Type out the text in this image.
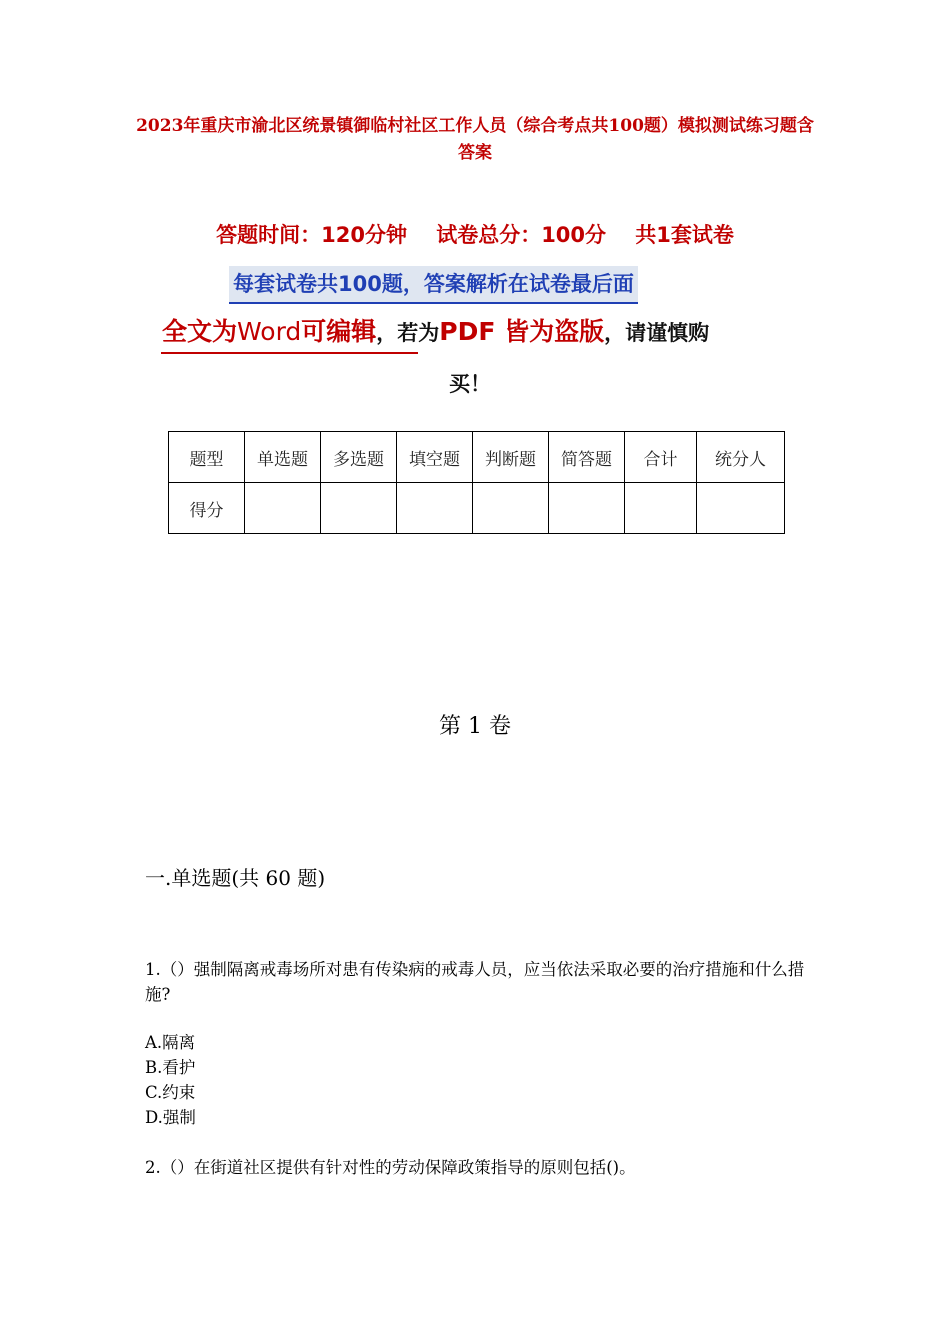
2023年重庆市渝北区统景镇御临村社区工作人员（综合考点共100题）模拟测试练习题含答案
答题时间：120分钟    试卷总分：100分    共1套试卷
每套试卷共100题，答案解析在试卷最后面
全文为Word可编辑，若为PDF 皆为盗版，请谨慎购
买！
题型	单选题	多选题	填空题	判断题	简答题	合计	统分人
得分							
第 1 卷
一.单选题(共 60 题)
1.（）强制隔离戒毒场所对患有传染病的戒毒人员，应当依法采取必要的治疗措施和什么措施?
A.隔离
B.看护
C.约束
D.强制
2.（）在街道社区提供有针对性的劳动保障政策指导的原则包括()。
